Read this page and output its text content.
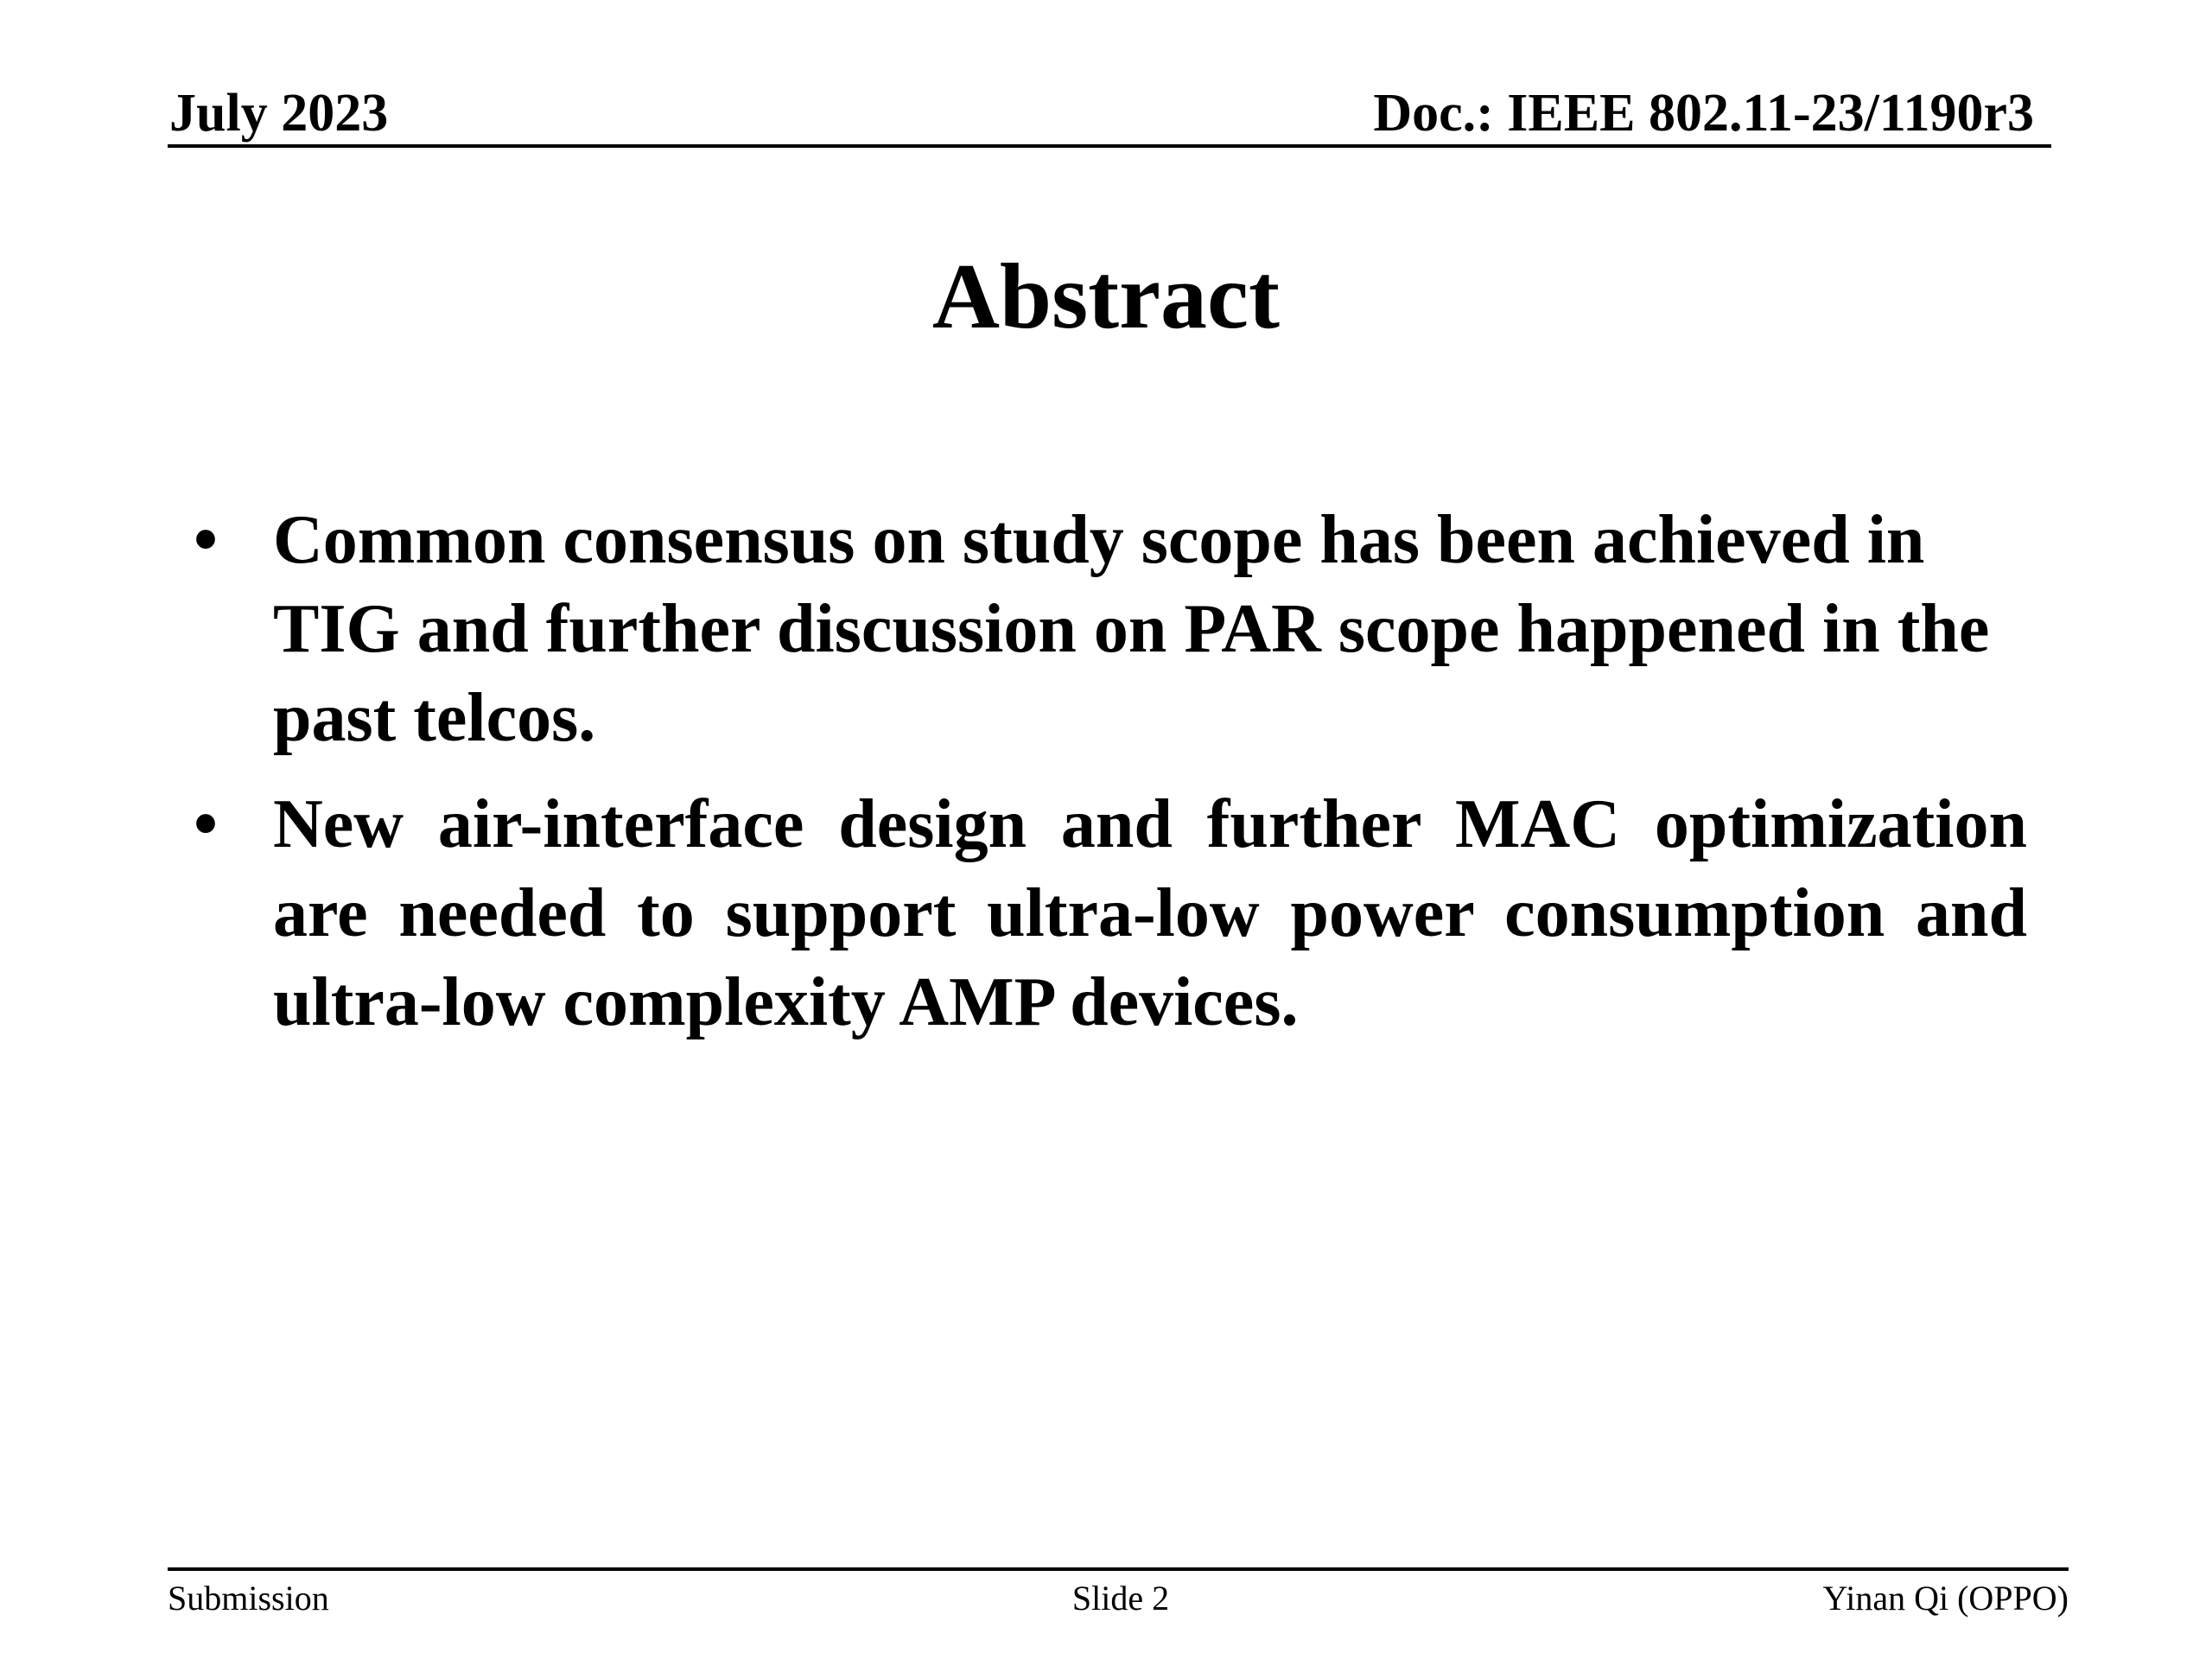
July 2023	Doc.: IEEE 802.11-23/1190r3
Abstract
• Common consensus on study scope has been achieved in TIG and further discussion on PAR scope happened in the past telcos.
• New air-interface design and further MAC optimization are needed to support ultra-low power consumption and ultra-low complexity AMP devices.
Submission	Slide 2	Yinan Qi (OPPO)
